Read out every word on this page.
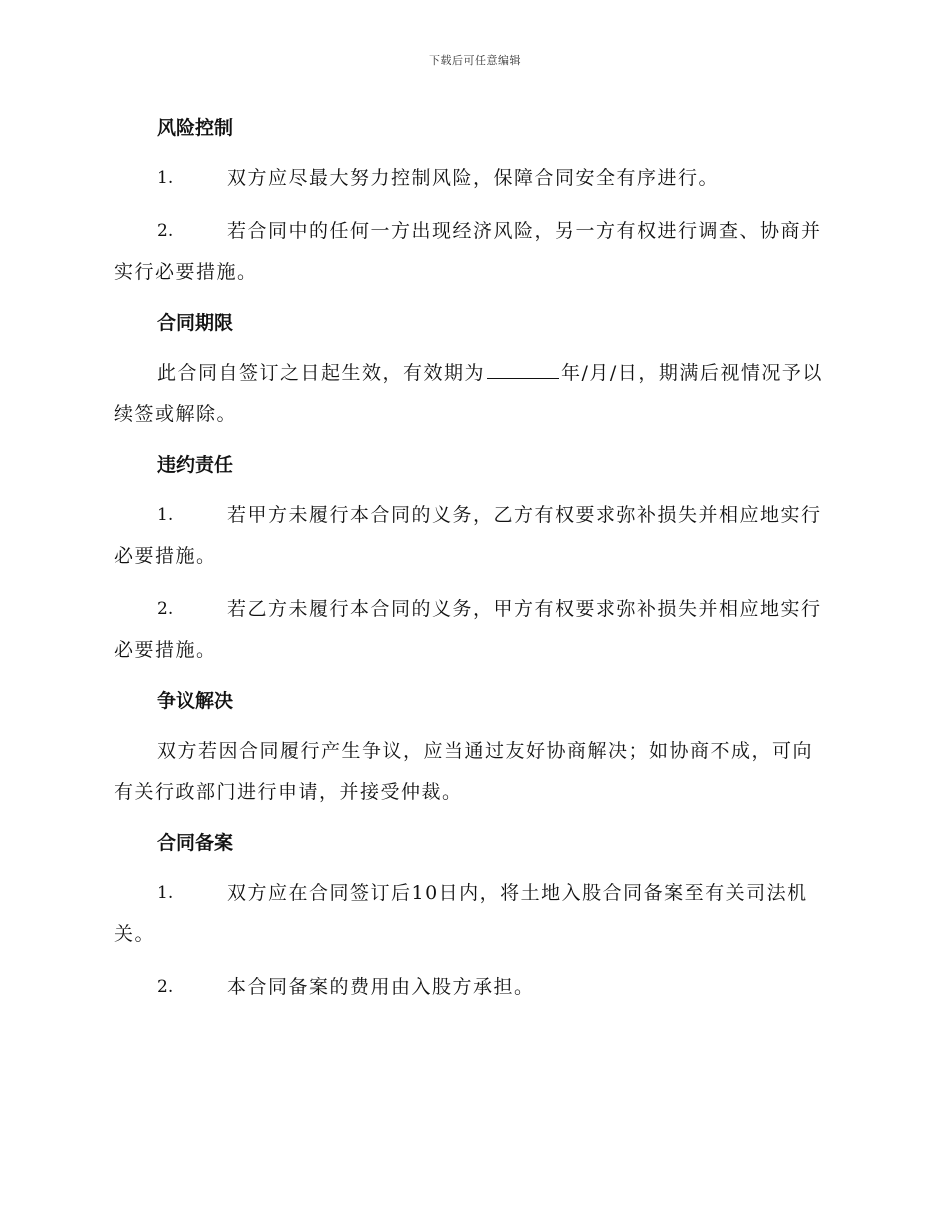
下载后可任意编辑
风险控制

1.	双方应尽最大努力控制风险，保障合同安全有序进行。

2.	若合同中的任何一方出现经济风险，另一方有权进行调查、协商并实行必要措施。

合同期限

此合同自签订之日起生效，有效期为	年/月/日，期满后视情况予以续签或解除。

违约责任

1.	若甲方未履行本合同的义务，乙方有权要求弥补损失并相应地实行必要措施。

2.	若乙方未履行本合同的义务，甲方有权要求弥补损失并相应地实行必要措施。

争议解决

双方若因合同履行产生争议，应当通过友好协商解决；如协商不成，可向有关行政部门进行申请，并接受仲裁。

合同备案

1.	双方应在合同签订后10日内，将土地入股合同备案至有关司法机关。

2.	本合同备案的费用由入股方承担。
